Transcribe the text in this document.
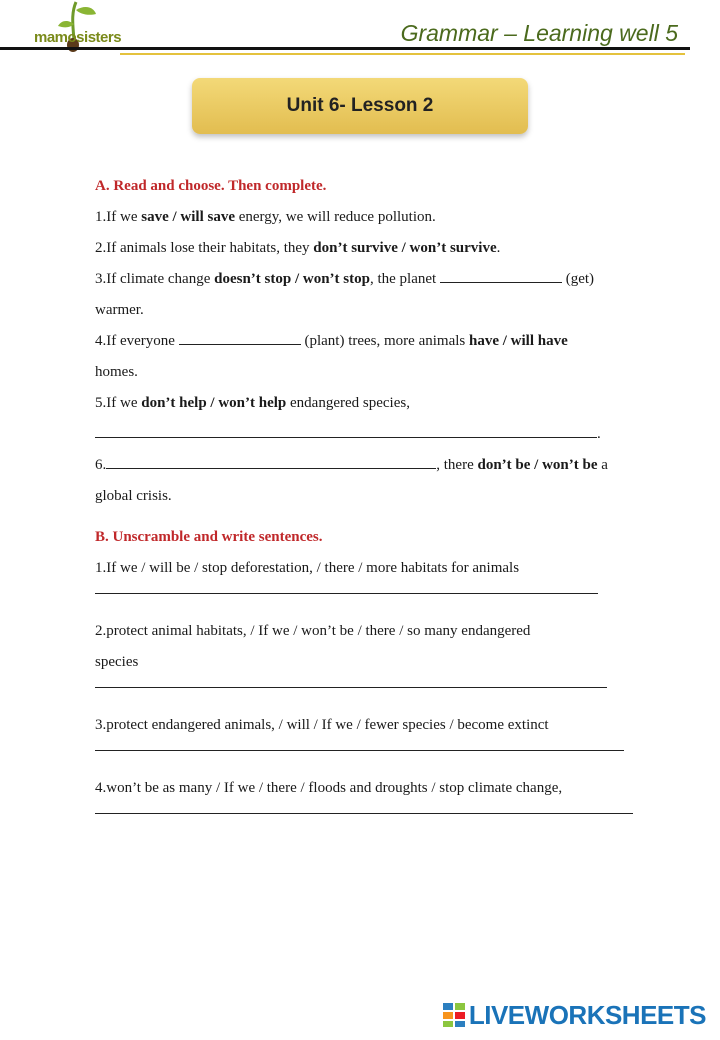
mamosisters	Grammar – Learning well 5
Unit 6- Lesson 2
A. Read and choose. Then complete.
1.If we save / will save energy, we will reduce pollution.
2.If animals lose their habitats, they don’t survive / won’t survive.
3.If climate change doesn’t stop / won’t stop, the planet	(get)
warmer.
4.If everyone	(plant) trees, more animals have / will have
homes.
5.If we don’t help / won’t help endangered species,
.
6.	, there don’t be / won’t be a
global crisis.
B. Unscramble and write sentences.
1.If we / will be / stop deforestation, / there / more habitats for animals
2.protect animal habitats, / If we / won’t be / there / so many endangered
species
3.protect endangered animals, / will / If we / fewer species / become extinct
4.won’t be as many / If we / there / floods and droughts / stop climate change,
LIVEWORKSHEETS
